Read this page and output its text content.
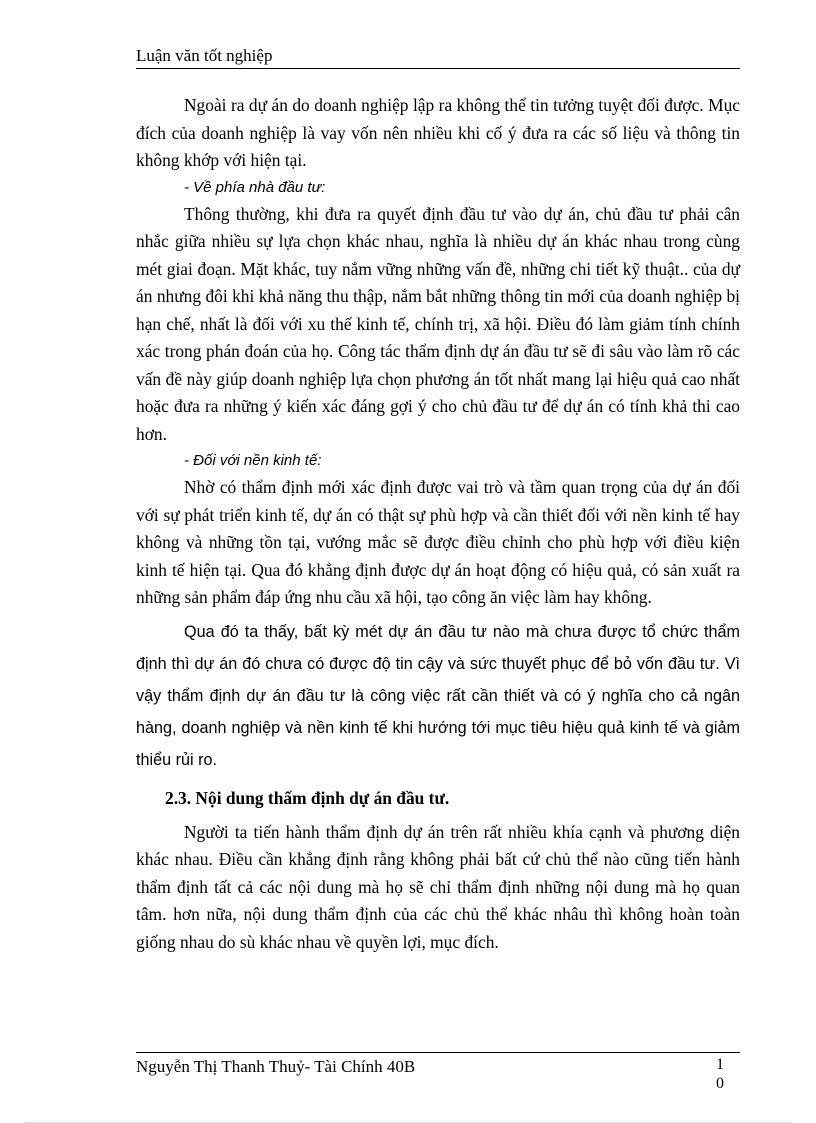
Luận văn tốt nghiệp

Ngoài ra dự án do doanh nghiệp lập ra không thể tin tưởng tuyệt đối được. Mục đích của doanh nghiệp là vay vốn nên nhiều khi cố ý đưa ra các số liệu và thông tin không khớp với hiện tại.

- Về phía nhà đầu tư:

Thông thường, khi đưa ra quyết định đầu tư vào dự án, chủ đầu tư phải cân nhắc giữa nhiều sự lựa chọn khác nhau, nghĩa là nhiều dự án khác nhau trong cùng mét giai đoạn. Mặt khác, tuy nắm vững những vấn đề, những chi tiết kỹ thuật.. của dự án nhưng đôi khi khả năng thu thập, nắm bắt những thông tin mới của doanh nghiệp bị hạn chế, nhất là đối với xu thế kinh tế, chính trị, xã hội. Điều đó làm giảm tính chính xác trong phán đoán của họ. Công tác thẩm định dự án đầu tư sẽ đi sâu vào làm rõ các vấn đề này giúp doanh nghiệp lựa chọn phương án tốt nhất mang lại hiệu quả cao nhất hoặc đưa ra những ý kiến xác đáng gợi ý cho chủ đầu tư để dự án có tính khả thi cao hơn.

- Đối với nền kinh tế:

Nhờ có thẩm định mới xác định được vai trò và tầm quan trọng của dự án đối với sự phát triển kinh tế, dự án có thật sự phù hợp và cần thiết đối với nền kinh tế hay không và những tồn tại, vướng mắc sẽ được điều chỉnh cho phù hợp với điều kiện kinh tế hiện tại. Qua đó khẳng định được dự án hoạt động có hiệu quả, có sản xuất ra những sản phẩm đáp ứng nhu cầu xã hội, tạo công ăn việc làm hay không.

Qua đó ta thấy, bất kỳ mét dự án đầu tư nào mà chưa được tổ chức thẩm định thì dự án đó chưa có được độ tin cậy và sức thuyết phục để bỏ vốn đầu tư. Vì vậy thẩm định dự án đầu tư là công việc rất cần thiết và có ý nghĩa cho cả ngân hàng, doanh nghiệp và nền kinh tế khi hướng tới mục tiêu hiệu quả kinh tế và giảm thiểu rủi ro.

2.3. Nội dung thẩm định dự án đầu tư.

Người ta tiến hành thẩm định dự án trên rất nhiều khía cạnh và phương diện khác nhau. Điều cần khẳng định rằng không phải bất cứ chủ thể nào cũng tiến hành thẩm định tất cả các nội dung mà họ sẽ chỉ thẩm định những nội dung mà họ quan tâm. hơn nữa, nội dung thẩm định của các chủ thể khác nhâu thì không hoàn toàn giống nhau do sù khác nhau về quyền lợi, mục đích.

Nguyễn Thị Thanh Thuỷ- Tài Chính 40B	1
0
